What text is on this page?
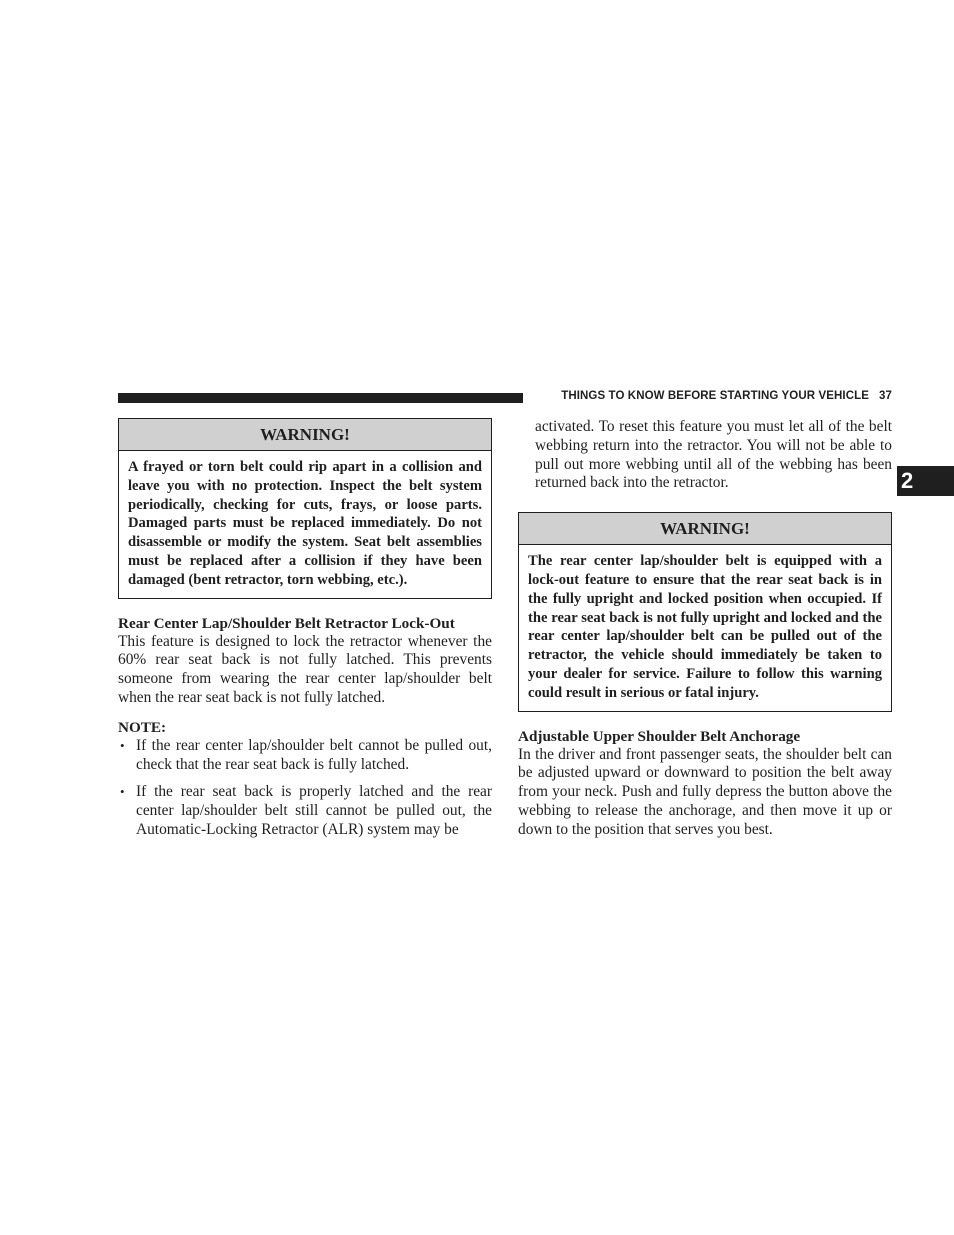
THINGS TO KNOW BEFORE STARTING YOUR VEHICLE 37
2
WARNING!
A frayed or torn belt could rip apart in a collision and leave you with no protection. Inspect the belt system periodically, checking for cuts, frays, or loose parts. Damaged parts must be replaced immediately. Do not disassemble or modify the system. Seat belt assemblies must be replaced after a collision if they have been damaged (bent retractor, torn webbing, etc.).

Rear Center Lap/Shoulder Belt Retractor Lock-Out

This feature is designed to lock the retractor whenever the 60% rear seat back is not fully latched. This prevents someone from wearing the rear center lap/shoulder belt when the rear seat back is not fully latched.

NOTE:

• If the rear center lap/shoulder belt cannot be pulled out, check that the rear seat back is fully latched.
• If the rear seat back is properly latched and the rear center lap/shoulder belt still cannot be pulled out, the Automatic-Locking Retractor (ALR) system may be

activated. To reset this feature you must let all of the belt webbing return into the retractor. You will not be able to pull out more webbing until all of the webbing has been returned back into the retractor.

WARNING!
The rear center lap/shoulder belt is equipped with a lock-out feature to ensure that the rear seat back is in the fully upright and locked position when occupied. If the rear seat back is not fully upright and locked and the rear center lap/shoulder belt can be pulled out of the retractor, the vehicle should immediately be taken to your dealer for service. Failure to follow this warning could result in serious or fatal injury.

Adjustable Upper Shoulder Belt Anchorage

In the driver and front passenger seats, the shoulder belt can be adjusted upward or downward to position the belt away from your neck. Push and fully depress the button above the webbing to release the anchorage, and then move it up or down to the position that serves you best.
